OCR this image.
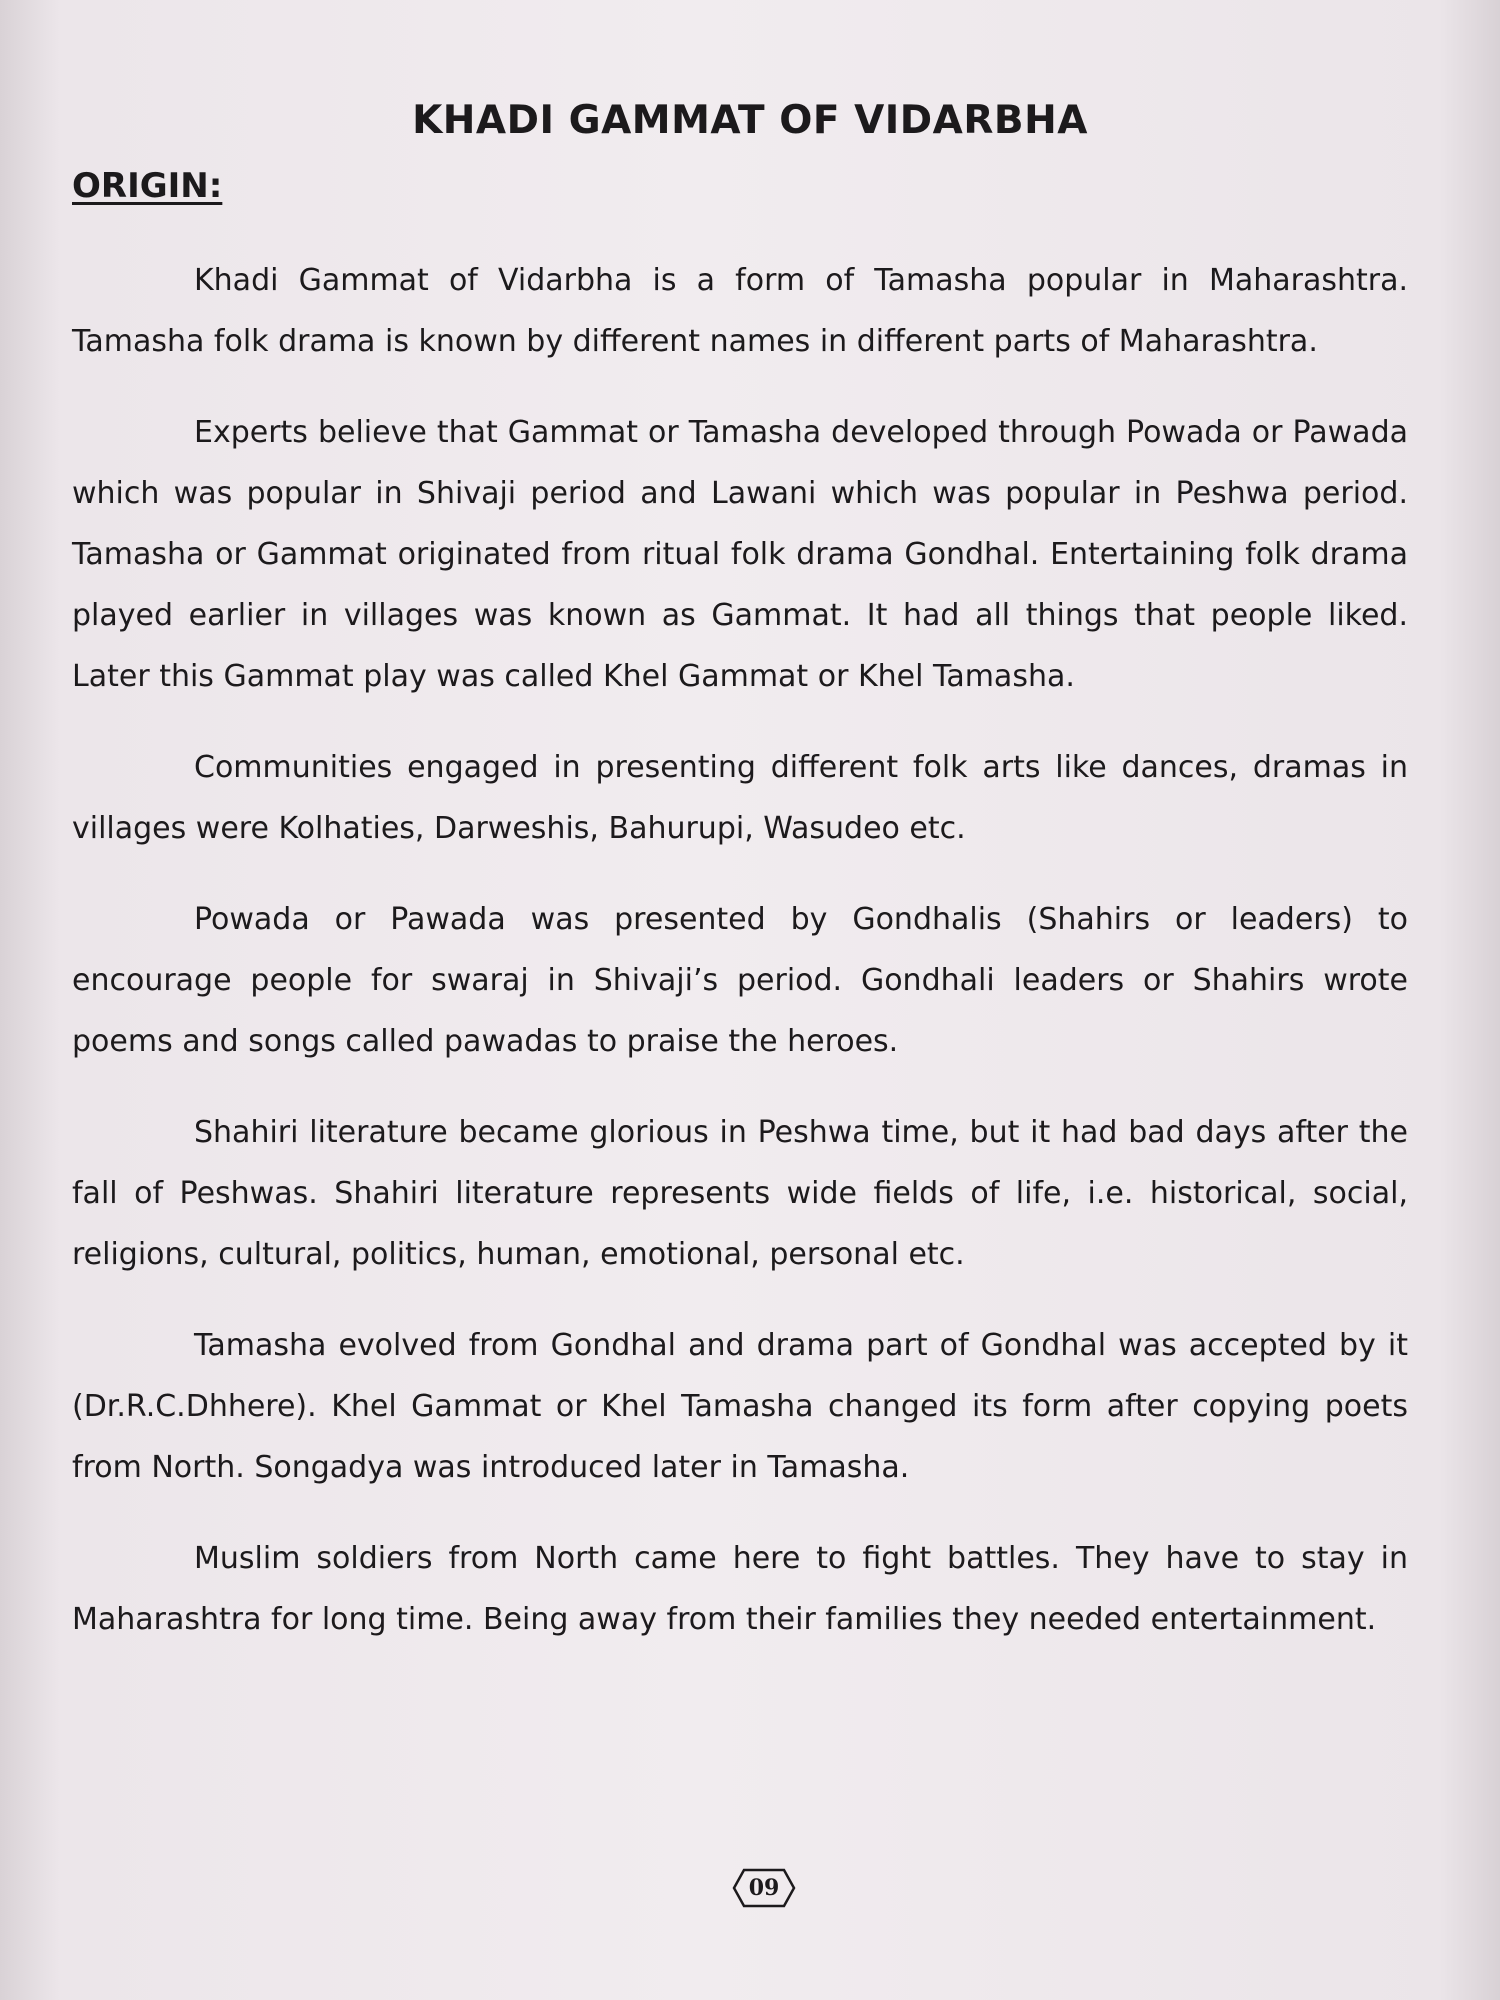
KHADI GAMMAT OF VIDARBHA
ORIGIN:

Khadi Gammat of Vidarbha is a form of Tamasha popular in Maharashtra. Tamasha folk drama is known by different names in different parts of Maharashtra.

Experts believe that Gammat or Tamasha developed through Powada or Pawada which was popular in Shivaji period and Lawani which was popular in Peshwa period. Tamasha or Gammat originated from ritual folk drama Gondhal. Entertaining folk drama played earlier in villages was known as Gammat. It had all things that people liked. Later this Gammat play was called Khel Gammat or Khel Tamasha.

Communities engaged in presenting different folk arts like dances, dramas in villages were Kolhaties, Darweshis, Bahurupi, Wasudeo etc.

Powada or Pawada was presented by Gondhalis (Shahirs or leaders) to encourage people for swaraj in Shivaji’s period. Gondhali leaders or Shahirs wrote poems and songs called pawadas to praise the heroes.

Shahiri literature became glorious in Peshwa time, but it had bad days after the fall of Peshwas. Shahiri literature represents wide fields of life, i.e. historical, social, religions, cultural, politics, human, emotional, personal etc.

Tamasha evolved from Gondhal and drama part of Gondhal was accepted by it (Dr.R.C.Dhhere). Khel Gammat or Khel Tamasha changed its form after copying poets from North. Songadya was introduced later in Tamasha.

Muslim soldiers from North came here to fight battles. They have to stay in Maharashtra for long time. Being away from their families they needed entertainment.

09
